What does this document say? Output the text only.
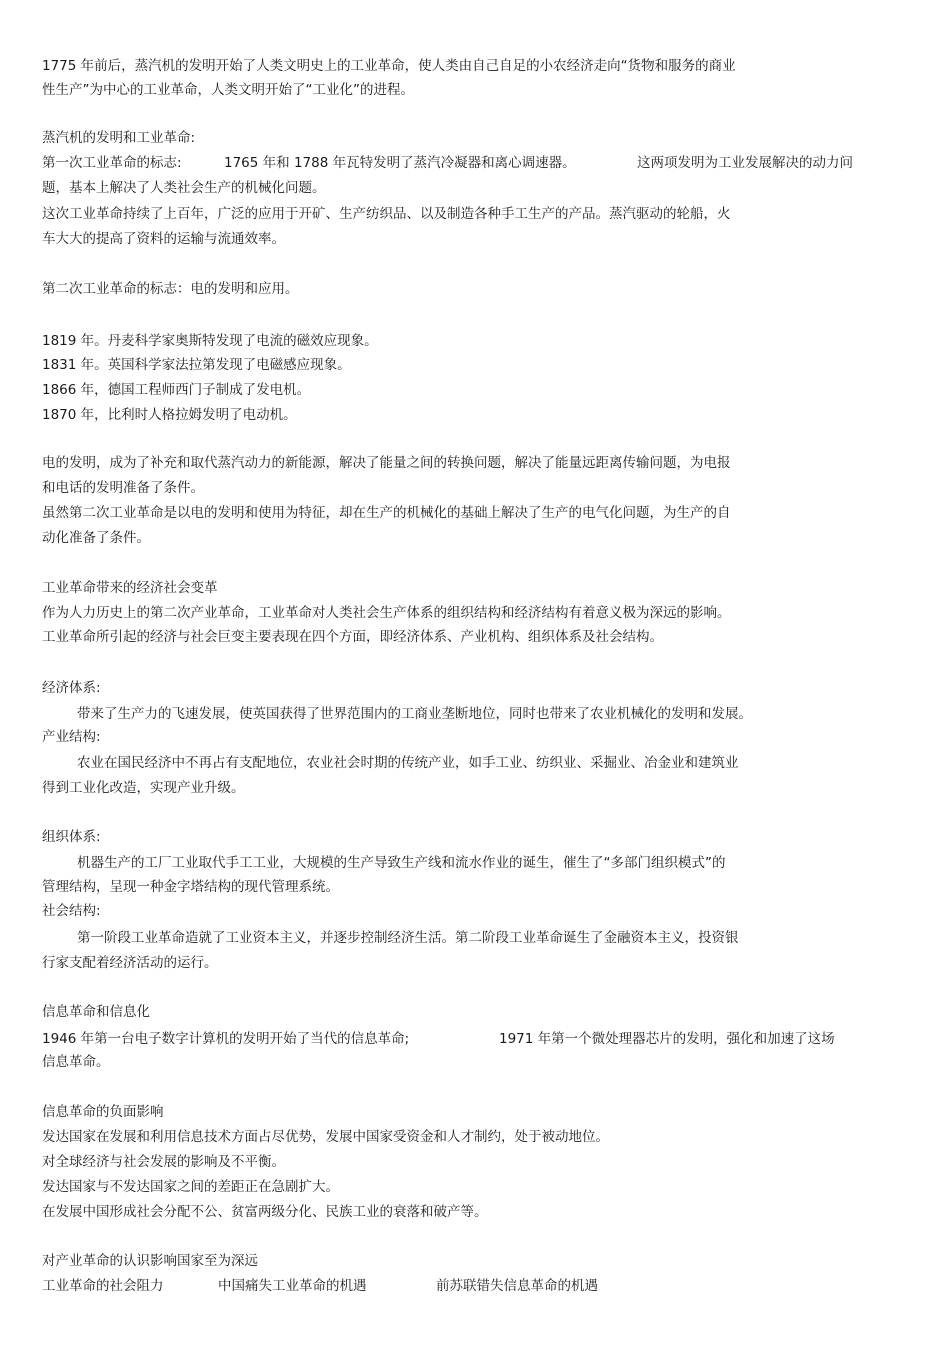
1775 年前后，蒸汽机的发明开始了人类文明史上的工业革命，使人类由自己自足的小农经济走向“货物和服务的商业
性生产”为中心的工业革命，人类文明开始了“工业化”的进程。
蒸汽机的发明和工业革命:
第一次工业革命的标志:	1765 年和 1788 年瓦特发明了蒸汽冷凝器和离心调速器。	这两项发明为工业发展解决的动力问
题，基本上解决了人类社会生产的机械化问题。
这次工业革命持续了上百年，广泛的应用于开矿、生产纺织品、以及制造各种手工生产的产品。蒸汽驱动的轮船，火
车大大的提高了资料的运输与流通效率。
第二次工业革命的标志：电的发明和应用。
1819 年。丹麦科学家奥斯特发现了电流的磁效应现象。
1831 年。英国科学家法拉第发现了电磁感应现象。
1866 年，德国工程师西门子制成了发电机。
1870 年，比利时人格拉姆发明了电动机。
电的发明，成为了补充和取代蒸汽动力的新能源，解决了能量之间的转换问题，解决了能量远距离传输问题，为电报
和电话的发明准备了条件。
虽然第二次工业革命是以电的发明和使用为特征，却在生产的机械化的基础上解决了生产的电气化问题，为生产的自
动化准备了条件。
工业革命带来的经济社会变革
作为人力历史上的第二次产业革命，工业革命对人类社会生产体系的组织结构和经济结构有着意义极为深远的影响。
工业革命所引起的经济与社会巨变主要表现在四个方面，即经济体系、产业机构、组织体系及社会结构。
经济体系:
带来了生产力的飞速发展，使英国获得了世界范围内的工商业垄断地位，同时也带来了农业机械化的发明和发展。
产业结构:
农业在国民经济中不再占有支配地位，农业社会时期的传统产业，如手工业、纺织业、采掘业、冶金业和建筑业
得到工业化改造，实现产业升级。
组织体系:
机器生产的工厂工业取代手工工业，大规模的生产导致生产线和流水作业的诞生，催生了“多部门组织模式”的
管理结构，呈现一种金字塔结构的现代管理系统。
社会结构:
第一阶段工业革命造就了工业资本主义，并逐步控制经济生活。第二阶段工业革命诞生了金融资本主义，投资银
行家支配着经济活动的运行。
信息革命和信息化
1946 年第一台电子数字计算机的发明开始了当代的信息革命;	1971 年第一个微处理器芯片的发明，强化和加速了这场
信息革命。
信息革命的负面影响
发达国家在发展和利用信息技术方面占尽优势，发展中国家受资金和人才制约，处于被动地位。
对全球经济与社会发展的影响及不平衡。
发达国家与不发达国家之间的差距正在急剧扩大。
在发展中国形成社会分配不公、贫富两级分化、民族工业的衰落和破产等。
对产业革命的认识影响国家至为深远
工业革命的社会阻力	中国痛失工业革命的机遇	前苏联错失信息革命的机遇
